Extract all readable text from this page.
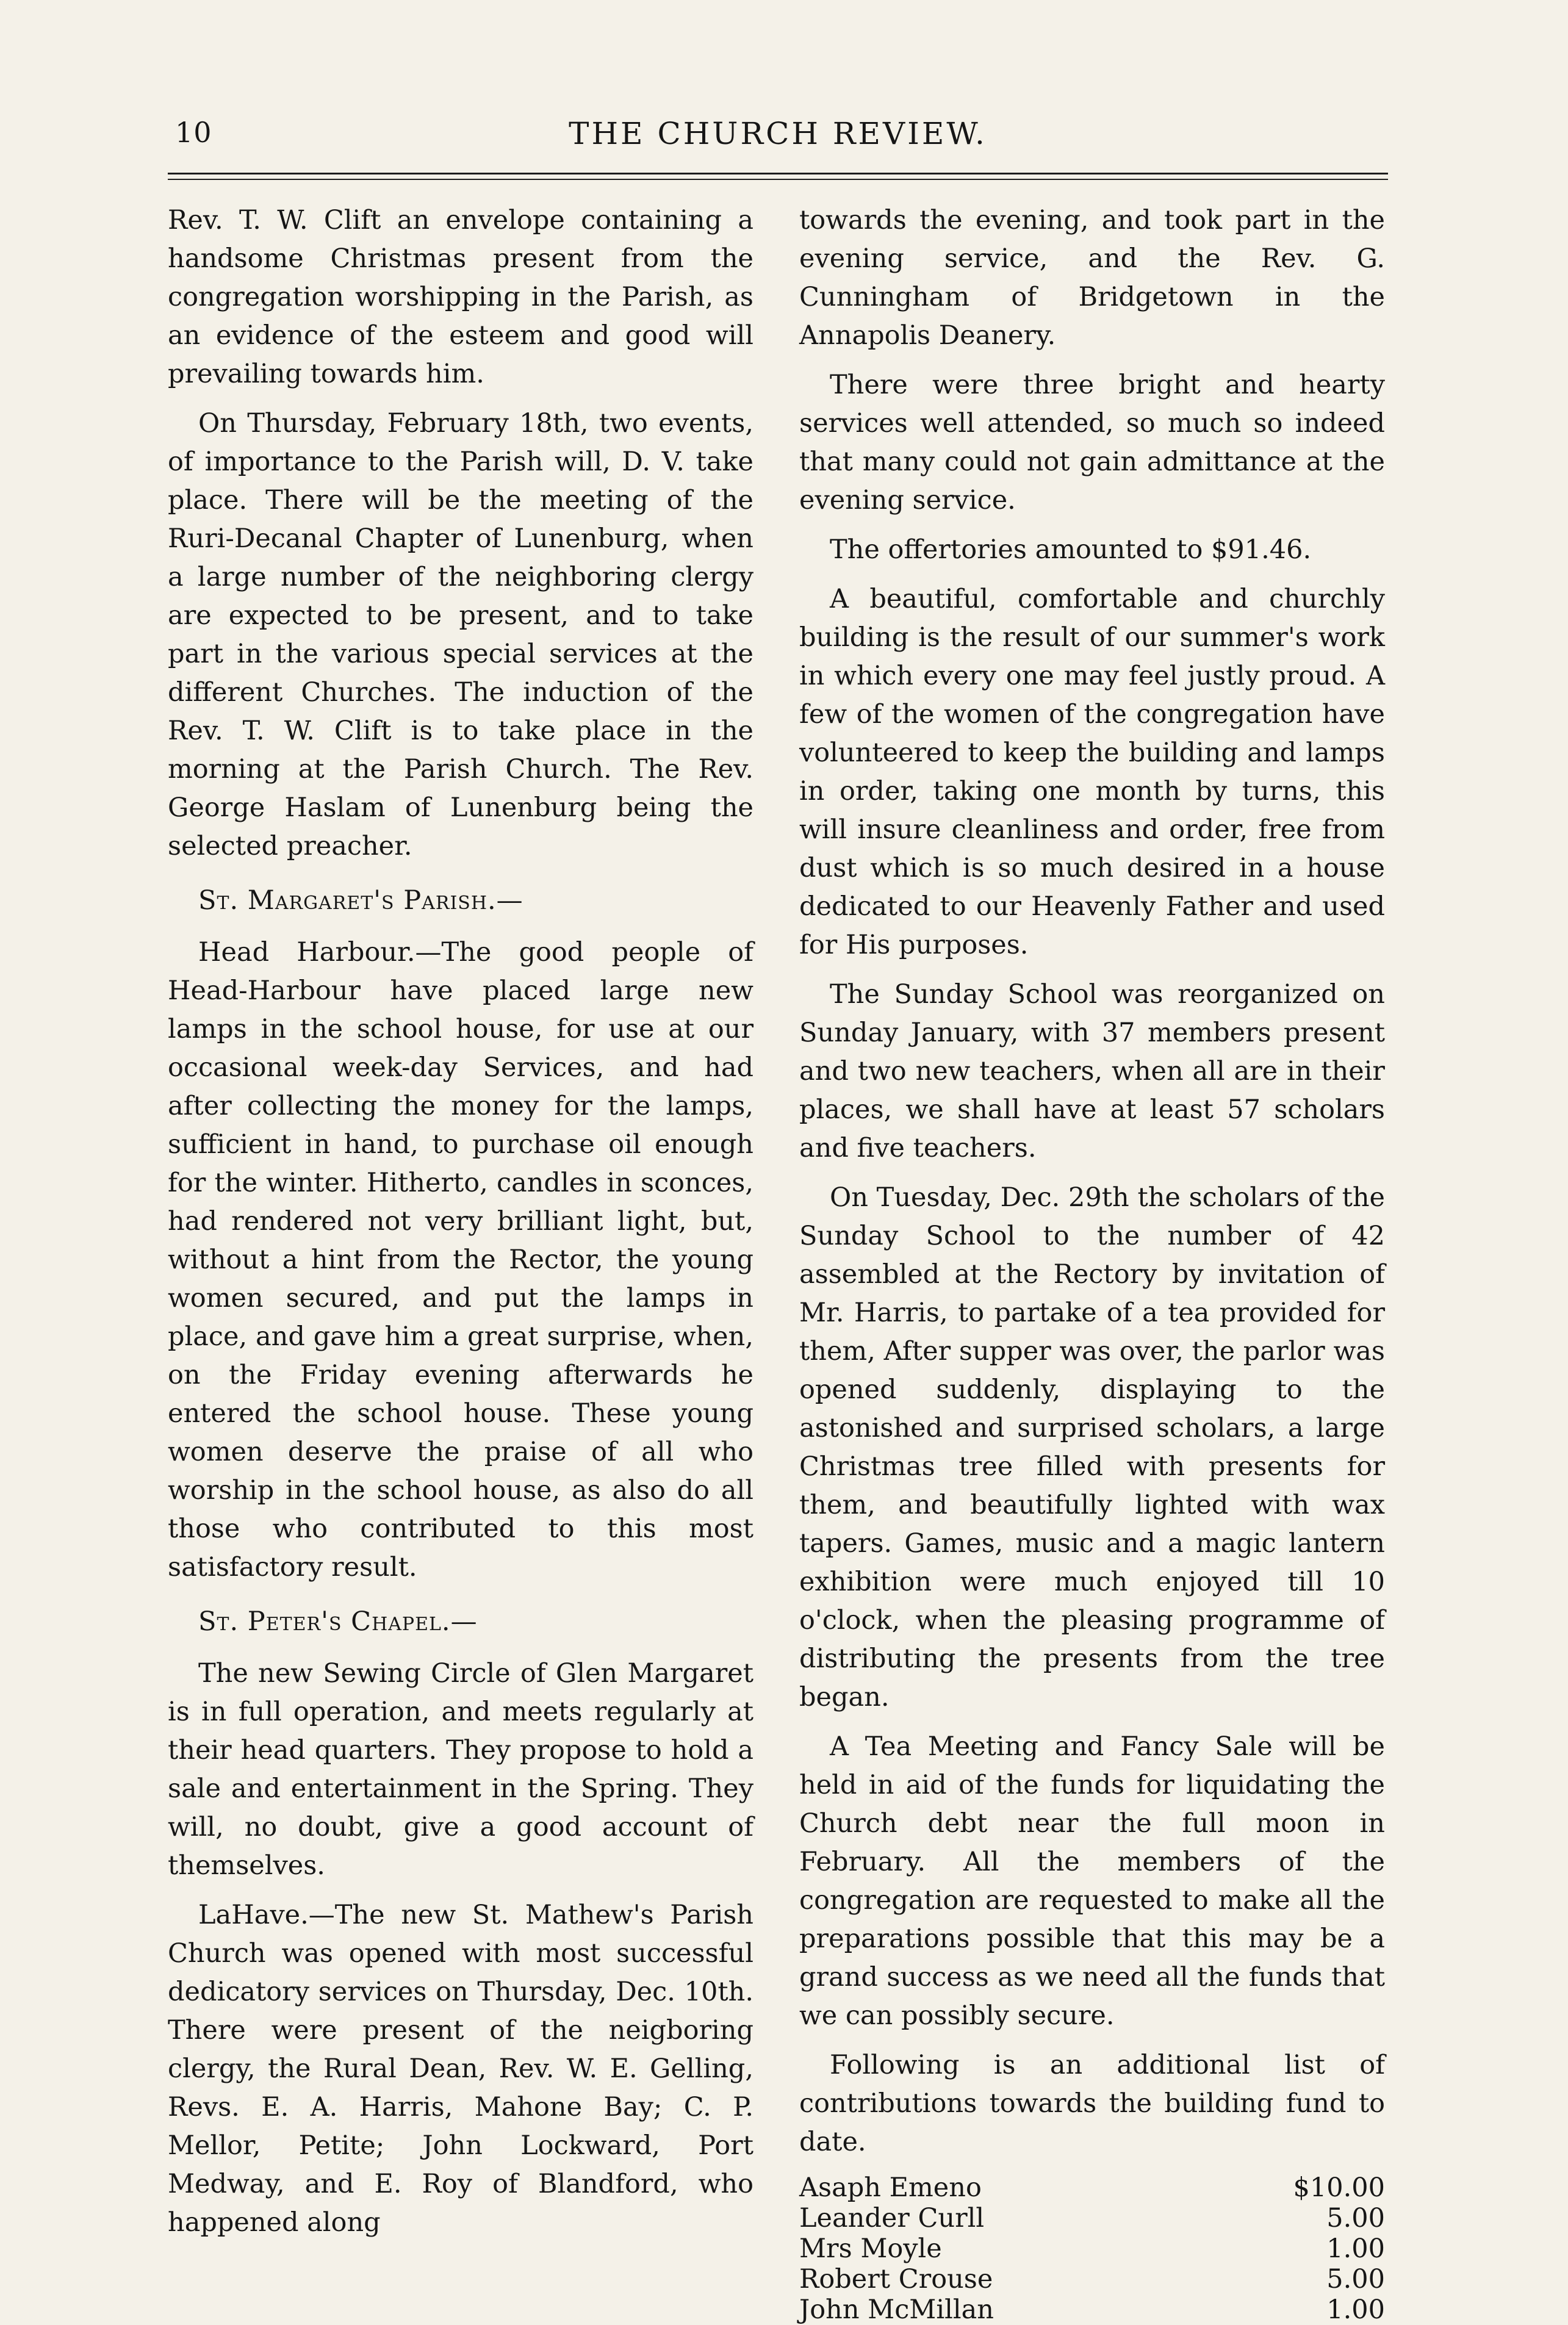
10	THE CHURCH REVIEW.

Rev. T. W. Clift an envelope containing a handsome Christmas present from the congregation worshipping in the Parish, as an evidence of the esteem and good will prevailing towards him.

On Thursday, February 18th, two events, of importance to the Parish will, D. V. take place. There will be the meeting of the Ruri-Decanal Chapter of Lunenburg, when a large number of the neighboring clergy are expected to be present, and to take part in the various special services at the different Churches. The induction of the Rev. T. W. Clift is to take place in the morning at the Parish Church. The Rev. George Haslam of Lunenburg being the selected preacher.

St. Margaret's Parish.—

Head Harbour.—The good people of Head-Harbour have placed large new lamps in the school house, for use at our occasional week-day Services, and had after collecting the money for the lamps, sufficient in hand, to purchase oil enough for the winter. Hitherto, candles in sconces, had rendered not very brilliant light, but, without a hint from the Rector, the young women secured, and put the lamps in place, and gave him a great surprise, when, on the Friday evening afterwards he entered the school house. These young women deserve the praise of all who worship in the school house, as also do all those who contributed to this most satisfactory result.

St. Peter's Chapel.—

The new Sewing Circle of Glen Margaret is in full operation, and meets regularly at their head quarters. They propose to hold a sale and entertainment in the Spring. They will, no doubt, give a good account of themselves.

LaHave.—The new St. Mathew's Parish Church was opened with most successful dedicatory services on Thursday, Dec. 10th. There were present of the neigboring clergy, the Rural Dean, Rev. W. E. Gelling, Revs. E. A. Harris, Mahone Bay; C. P. Mellor, Petite; John Lockward, Port Medway, and E. Roy of Blandford, who happened along

towards the evening, and took part in the evening service, and the Rev. G. Cunningham of Bridgetown in the Annapolis Deanery.

There were three bright and hearty services well attended, so much so indeed that many could not gain admittance at the evening service.

The offertories amounted to $91.46.

A beautiful, comfortable and churchly building is the result of our summer's work in which every one may feel justly proud. A few of the women of the congregation have volunteered to keep the building and lamps in order, taking one month by turns, this will insure cleanliness and order, free from dust which is so much desired in a house dedicated to our Heavenly Father and used for His purposes.

The Sunday School was reorganized on Sunday January, with 37 members present and two new teachers, when all are in their places, we shall have at least 57 scholars and five teachers.

On Tuesday, Dec. 29th the scholars of the Sunday School to the number of 42 assembled at the Rectory by invitation of Mr. Harris, to partake of a tea provided for them, After supper was over, the parlor was opened suddenly, displaying to the astonished and surprised scholars, a large Christmas tree filled with presents for them, and beautifully lighted with wax tapers. Games, music and a magic lantern exhibition were much enjoyed till 10 o'clock, when the pleasing programme of distributing the presents from the tree began.

A Tea Meeting and Fancy Sale will be held in aid of the funds for liquidating the Church debt near the full moon in February. All the members of the congregation are requested to make all the preparations possible that this may be a grand success as we need all the funds that we can possibly secure.

Following is an additional list of contributions towards the building fund to date.

Asaph Emeno	$10.00
Leander Curll	5.00
Mrs Moyle	1.00
Robert Crouse	5.00
John McMillan	1.00
